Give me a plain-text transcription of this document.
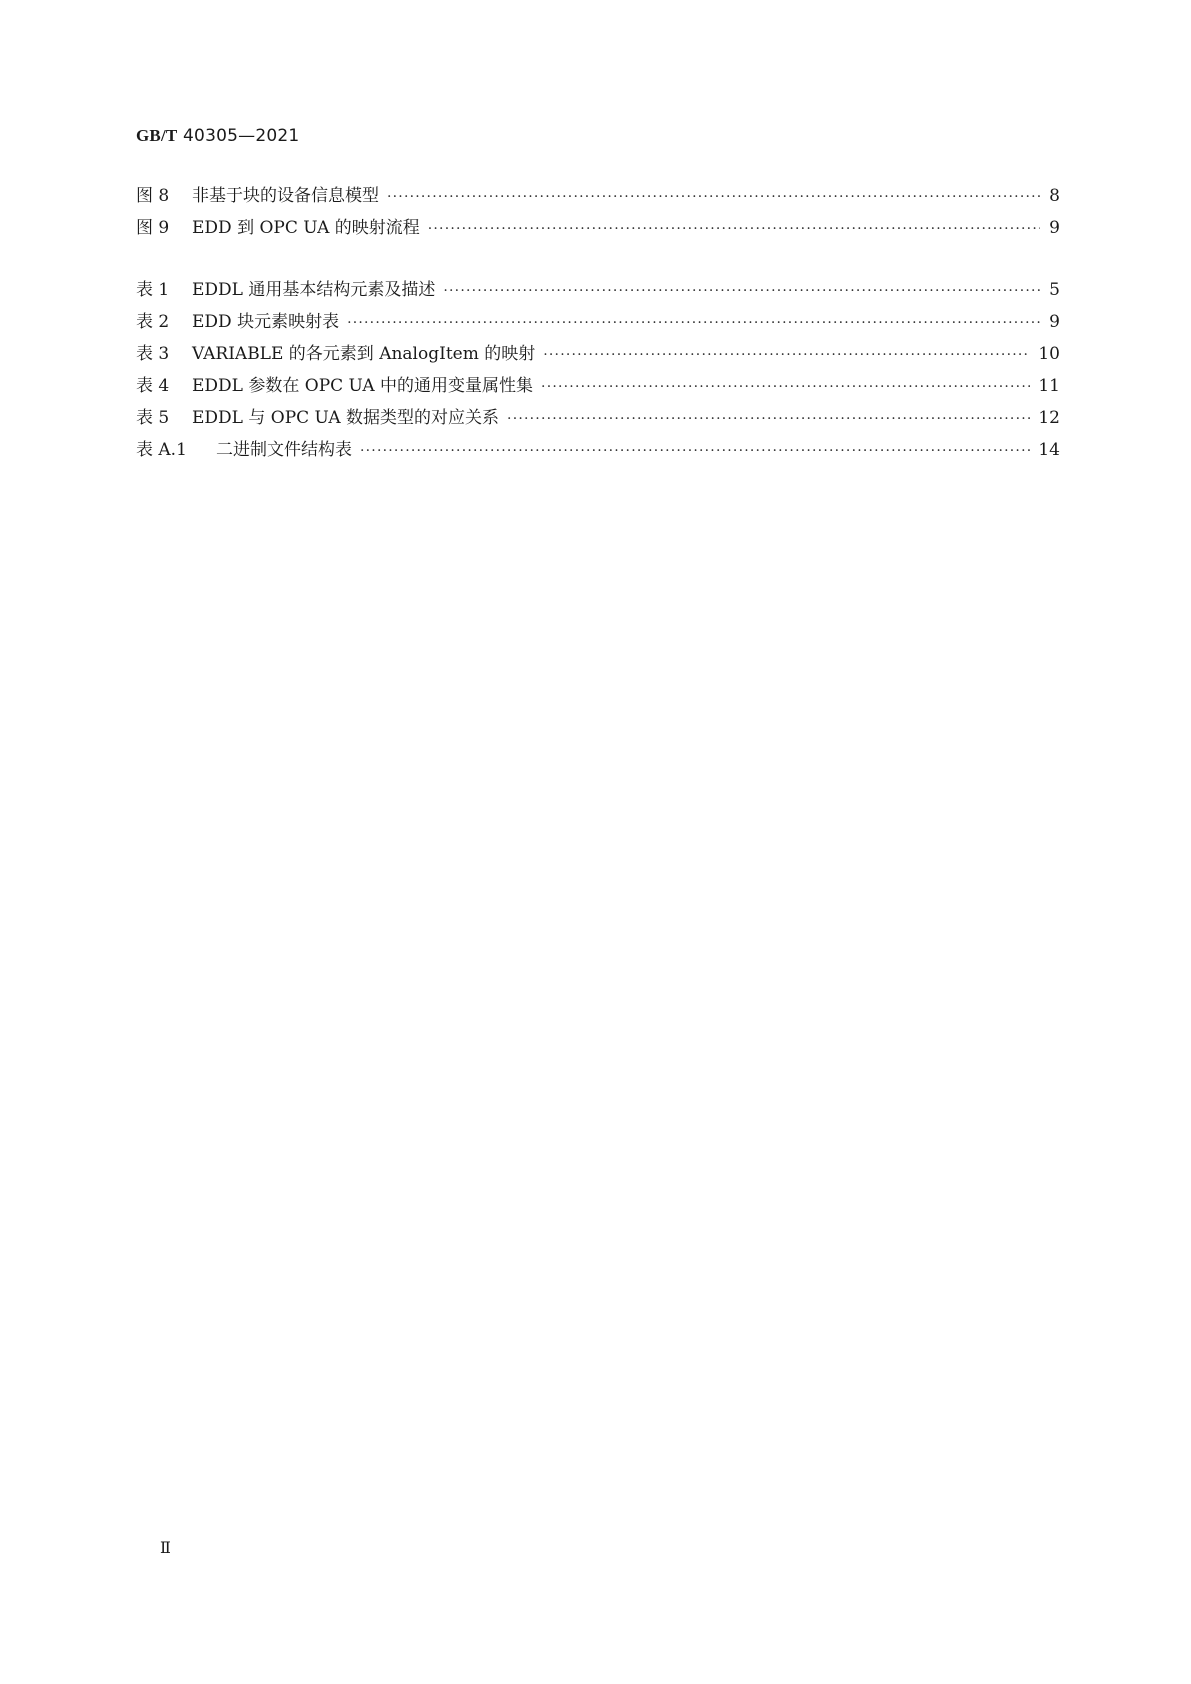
GB/T 40305—2021
图 8	非基于块的设备信息模型 ·····	8
图 9	EDD 到 OPC UA 的映射流程 ·····	9
表 1	EDDL 通用基本结构元素及描述 ·····	5
表 2	EDD 块元素映射表 ·····	9
表 3	VARIABLE 的各元素到 AnalogItem 的映射 ·····	10
表 4	EDDL 参数在 OPC UA 中的通用变量属性集 ·····	11
表 5	EDDL 与 OPC UA 数据类型的对应关系 ·····	12
表 A.1	二进制文件结构表 ·····	14
Ⅱ
